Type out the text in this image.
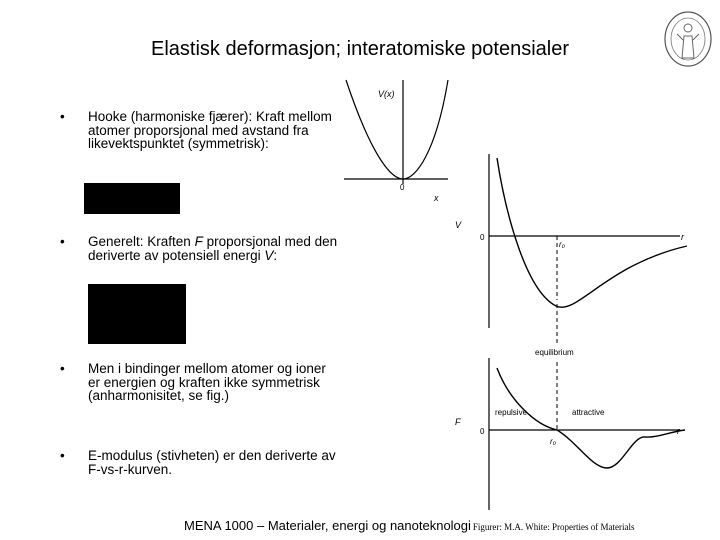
Elastisk deformasjon; interatomiske potensialer
• Hooke (harmoniske fjærer): Kraft mellom atomer proporsjonal med avstand fra likevektspunktet (symmetrisk):
• Generelt: Kraften F proporsjonal med den deriverte av potensiell energi V:
• Men i bindinger mellom atomer og ioner er energien og kraften ikke symmetrisk (anharmonisitet, se fig.)
• E-modulus (stivheten) er den deriverte av F-vs-r-kurven.
V(x)
0
x
V
0
r₀
r
equilibrium
repulsive	attractive
F
0
r₀
r
MENA 1000 – Materialer, energi og nanoteknologi Figurer: M.A. White: Properties of Materials
